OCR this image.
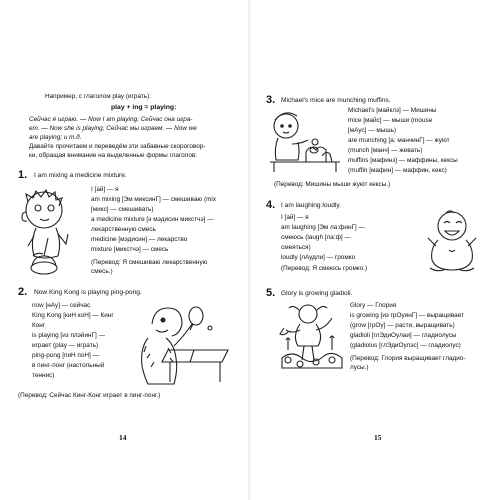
Например, с глаголом play (играть):
play + ing = playing:
Сейчас я играю. — Now I am playing; Сейчас она игра-
ет. — Now she is playing; Сейчас мы играем. — Now we
are playing; и т.д.
Давайте прочитаем и переведём эти забавные скороговор-
ки, обращая внимание на выделенные формы глаголов:
1. I am mixing a medicine mixture.
I [ай] — я
am mixing [Эм миксинГ] — смешиваю (mix
[микс] — смешивать)
a medicine mixture [э мэдисин микстчэ] —
лекарственную смесь
medicine [мэдисин] — лекарство
mixture [микстчэ] — смесь
(Перевод: Я смешиваю лекарственную
смесь.)
2. Now King Kong is playing ping-pong.
now [нАу] — сейчас
King Kong [киН коН] — Кинг
Конг
is playing [из плэйинГ] —
играет (play — играть)
ping-pong [пиН поН] —
в пинг-понг (настольный
теннис)
(Перевод: Сейчас Кинг-Конг играет в пинг-понг.)
14
3. Michael's mice are munching muffins.
Michael's [майклз] — Мишины
mice [майс] — мыши (mouse
[мАус] — мышь)
are munching [a: манчинГ] — жуют
(munch [манч] — жевать)
muffins [мафинз] — маффины, кексы
(muffin [мафин] — маффин, кекс)
(Перевод: Мишины мыши жуют кексы.)
4. I am laughing loudly.
I [ай] — я
am laughing [Эм ла:финГ] —
смеюсь (laugh [ла:ф] —
смеяться)
loudly [лАудли] — громко
(Перевод: Я смеюсь громко.)
5. Glory is growing gladioli.
Glory — Глория
is growing [из грОуинГ] — выращивает
(grow [грОу] — расти, выращивать)
gladioli [глЭдиОулаи] — гладиолусы
(gladiolus [глЭдиОулэс] — гладиолус)
(Перевод: Глория выращивает гладио-
лусы.)
15
